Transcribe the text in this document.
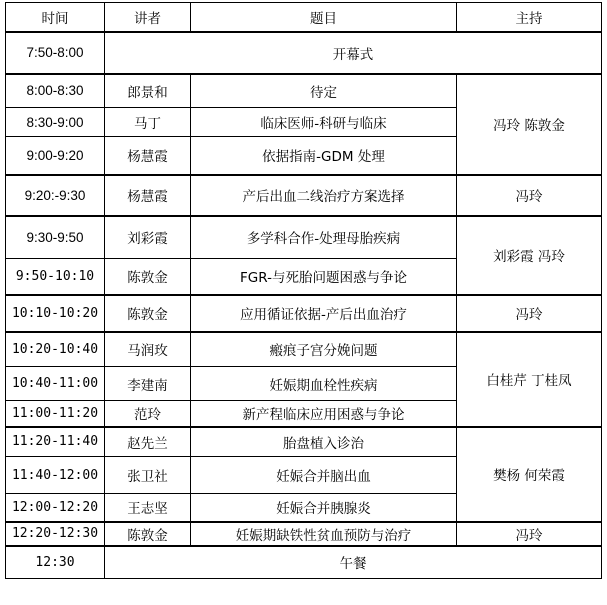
时间	讲者	题目	主持
7:50-8:00	开幕式		
8:00-8:30	郎景和	待定	冯玲 陈敦金
8:30-9:00	马丁	临床医师-科研与临床	
9:00-9:20	杨慧霞	依据指南-GDM 处理	
9:20:-9:30	杨慧霞	产后出血二线治疗方案选择	冯玲
9:30-9:50	刘彩霞	多学科合作-处理母胎疾病	刘彩霞 冯玲
9:50-10:10	陈敦金	FGR-与死胎问题困惑与争论	
10:10-10:20	陈敦金	应用循证依据-产后出血治疗	冯玲
10:20-10:40	马润玫	瘢痕子宫分娩问题	白桂芹 丁桂凤
10:40-11:00	李建南	妊娠期血栓性疾病	
11:00-11:20	范玲	新产程临床应用困惑与争论	
11:20-11:40	赵先兰	胎盘植入诊治	樊杨 何荣霞
11:40-12:00	张卫社	妊娠合并脑出血	
12:00-12:20	王志坚	妊娠合并胰腺炎	
12:20-12:30	陈敦金	妊娠期缺铁性贫血预防与治疗	冯玲
12:30	午餐		
